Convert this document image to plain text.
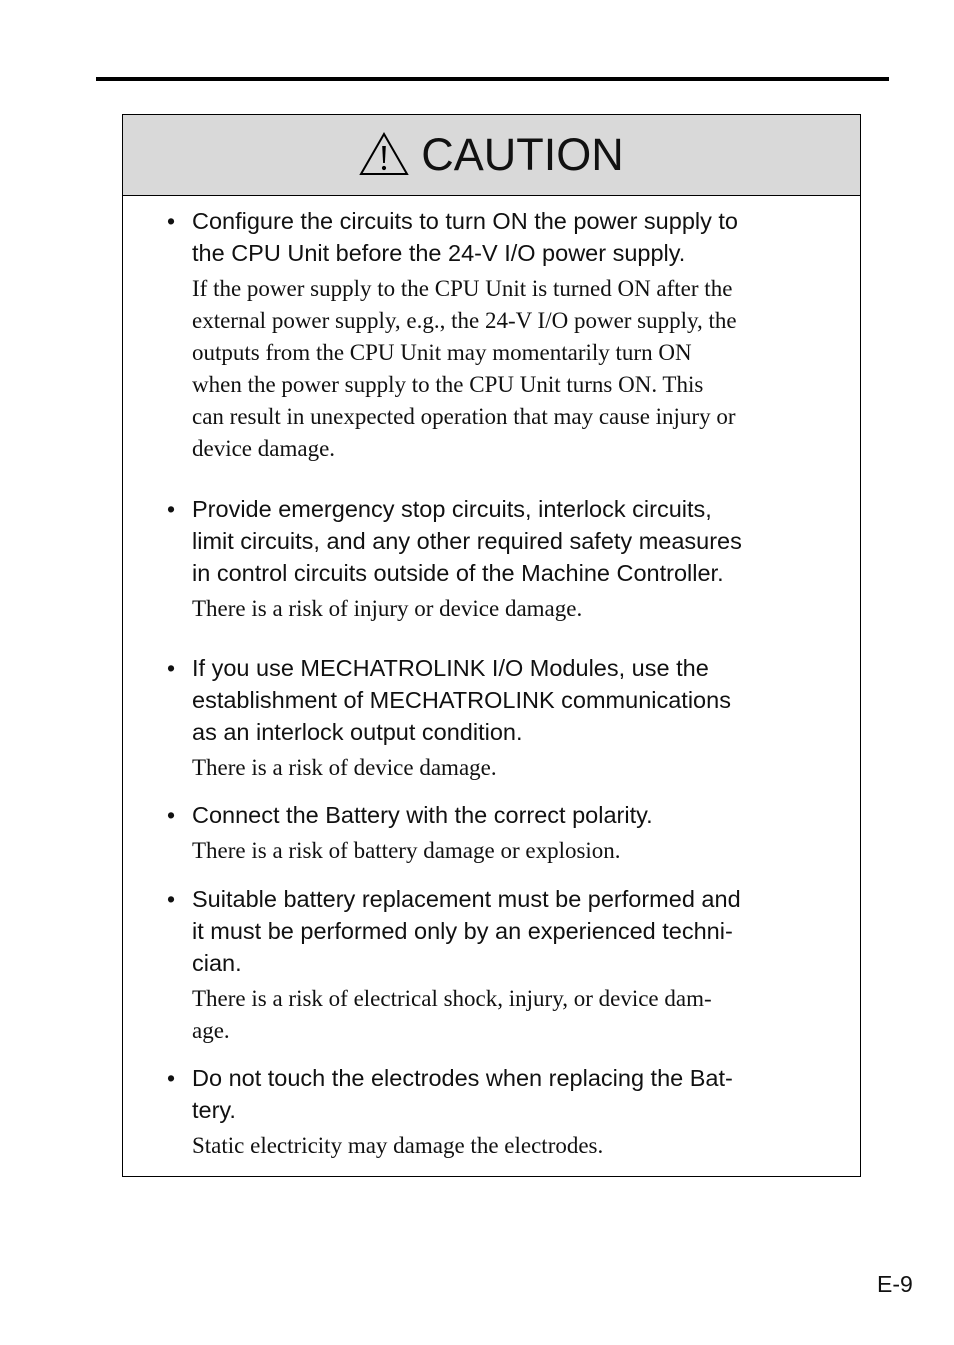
CAUTION
• Configure the circuits to turn ON the power supply to
the CPU Unit before the 24-V I/O power supply.
If the power supply to the CPU Unit is turned ON after the
external power supply, e.g., the 24-V I/O power supply, the
outputs from the CPU Unit may momentarily turn ON
when the power supply to the CPU Unit turns ON. This
can result in unexpected operation that may cause injury or
device damage.
• Provide emergency stop circuits, interlock circuits,
limit circuits, and any other required safety measures
in control circuits outside of the Machine Controller.
There is a risk of injury or device damage.
• If you use MECHATROLINK I/O Modules, use the
establishment of MECHATROLINK communications
as an interlock output condition.
There is a risk of device damage.
• Connect the Battery with the correct polarity.
There is a risk of battery damage or explosion.
• Suitable battery replacement must be performed and
it must be performed only by an experienced techni-
cian.
There is a risk of electrical shock, injury, or device dam-
age.
• Do not touch the electrodes when replacing the Bat-
tery.
Static electricity may damage the electrodes.
E-9
